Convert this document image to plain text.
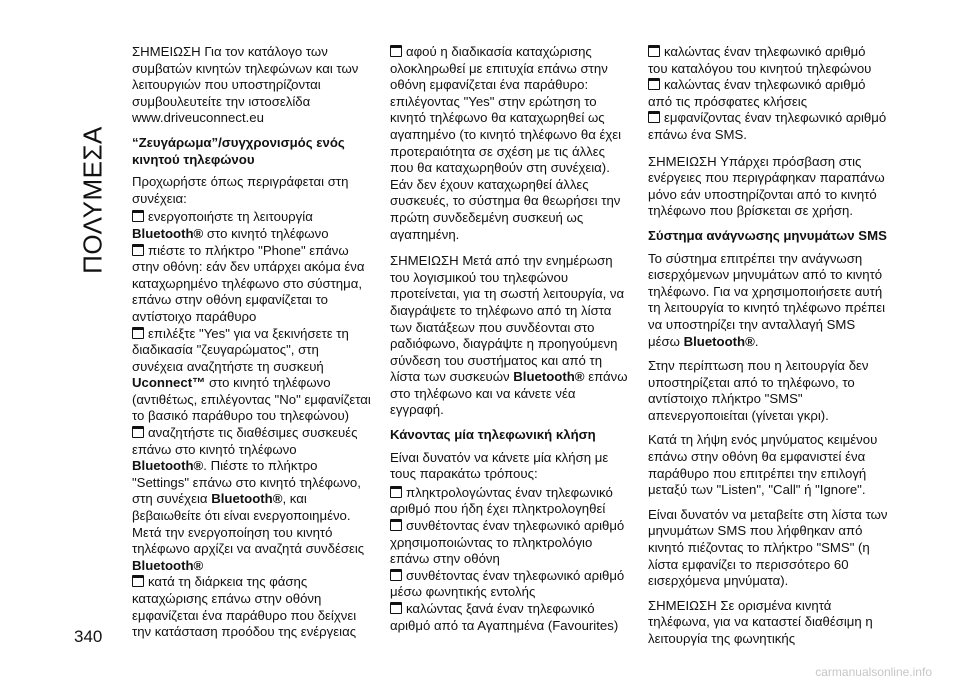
ΠΟΛΥΜΕΣΑ
340

ΣΗΜΕΙΩΣΗ Για τον κατάλογο των συμβατών κινητών τηλεφώνων και των λειτουργιών που υποστηρίζονται συμβουλευτείτε την ιστοσελίδα www.driveuconnect.eu

“Ζευγάρωμα”/συγχρονισμός ενός κινητού τηλεφώνου

Προχωρήστε όπως περιγράφεται στη συνέχεια:

ενεργοποιήστε τη λειτουργία Bluetooth® στο κινητό τηλέφωνο

πιέστε το πλήκτρο "Phone" επάνω στην οθόνη: εάν δεν υπάρχει ακόμα ένα καταχωρημένο τηλέφωνο στο σύστημα, επάνω στην οθόνη εμφανίζεται το αντίστοιχο παράθυρο

επιλέξτε "Yes" για να ξεκινήσετε τη διαδικασία "ζευγαρώματος", στη συνέχεια αναζητήστε τη συσκευή Uconnect™ στο κινητό τηλέφωνο (αντιθέτως, επιλέγοντας "No" εμφανίζεται το βασικό παράθυρο του τηλεφώνου)

αναζητήστε τις διαθέσιμες συσκευές επάνω στο κινητό τηλέφωνο Bluetooth®. Πιέστε το πλήκτρο "Settings" επάνω στο κινητό τηλέφωνο, στη συνέχεια Bluetooth®, και βεβαιωθείτε ότι είναι ενεργοποιημένο. Μετά την ενεργοποίηση του κινητό τηλέφωνο αρχίζει να αναζητά συνδέσεις Bluetooth®

κατά τη διάρκεια της φάσης καταχώρισης επάνω στην οθόνη εμφανίζεται ένα παράθυρο που δείχνει την κατάσταση προόδου της ενέργειας

αφού η διαδικασία καταχώρισης ολοκληρωθεί με επιτυχία επάνω στην οθόνη εμφανίζεται ένα παράθυρο: επιλέγοντας "Yes" στην ερώτηση το κινητό τηλέφωνο θα καταχωρηθεί ως αγαπημένο (το κινητό τηλέφωνο θα έχει προτεραιότητα σε σχέση με τις άλλες που θα καταχωρηθούν στη συνέχεια). Εάν δεν έχουν καταχωρηθεί άλλες συσκευές, το σύστημα θα θεωρήσει την πρώτη συνδεδεμένη συσκευή ως αγαπημένη.

ΣΗΜΕΙΩΣΗ Μετά από την ενημέρωση του λογισμικού του τηλεφώνου προτείνεται, για τη σωστή λειτουργία, να διαγράψετε το τηλέφωνο από τη λίστα των διατάξεων που συνδέονται στο ραδιόφωνο, διαγράψτε η προηγούμενη σύνδεση του συστήματος και από τη λίστα των συσκευών Bluetooth® επάνω στο τηλέφωνο και να κάνετε νέα εγγραφή.

Κάνοντας μία τηλεφωνική κλήση

Είναι δυνατόν να κάνετε μία κλήση με τους παρακάτω τρόπους:

πληκτρολογώντας έναν τηλεφωνικό αριθμό που ήδη έχει πληκτρολογηθεί

συνθέτοντας έναν τηλεφωνικό αριθμό χρησιμοποιώντας το πληκτρολόγιο επάνω στην οθόνη

συνθέτοντας έναν τηλεφωνικό αριθμό μέσω φωνητικής εντολής

καλώντας ξανά έναν τηλεφωνικό αριθμό από τα Αγαπημένα (Favourites)

καλώντας έναν τηλεφωνικό αριθμό του καταλόγου του κινητού τηλεφώνου

καλώντας έναν τηλεφωνικό αριθμό από τις πρόσφατες κλήσεις

εμφανίζοντας έναν τηλεφωνικό αριθμό επάνω ένα SMS.

ΣΗΜΕΙΩΣΗ Υπάρχει πρόσβαση στις ενέργειες που περιγράφηκαν παραπάνω μόνο εάν υποστηρίζονται από το κινητό τηλέφωνο που βρίσκεται σε χρήση.

Σύστημα ανάγνωσης μηνυμάτων SMS

Το σύστημα επιτρέπει την ανάγνωση εισερχόμενων μηνυμάτων από το κινητό τηλέφωνο. Για να χρησιμοποιήσετε αυτή τη λειτουργία το κινητό τηλέφωνο πρέπει να υποστηρίζει την ανταλλαγή SMS μέσω Bluetooth®.

Στην περίπτωση που η λειτουργία δεν υποστηρίζεται από το τηλέφωνο, το αντίστοιχο πλήκτρο "SMS" απενεργοποιείται (γίνεται γκρι).

Κατά τη λήψη ενός μηνύματος κειμένου επάνω στην οθόνη θα εμφανιστεί ένα παράθυρο που επιτρέπει την επιλογή μεταξύ των "Listen", "Call" ή "Ignore".

Είναι δυνατόν να μεταβείτε στη λίστα των μηνυμάτων SMS που λήφθηκαν από κινητό πιέζοντας το πλήκτρο "SMS" (η λίστα εμφανίζει το περισσότερο 60 εισερχόμενα μηνύματα).

ΣΗΜΕΙΩΣΗ Σε ορισμένα κινητά τηλέφωνα, για να καταστεί διαθέσιμη η λειτουργία της φωνητικής

carmanualsonline.info
